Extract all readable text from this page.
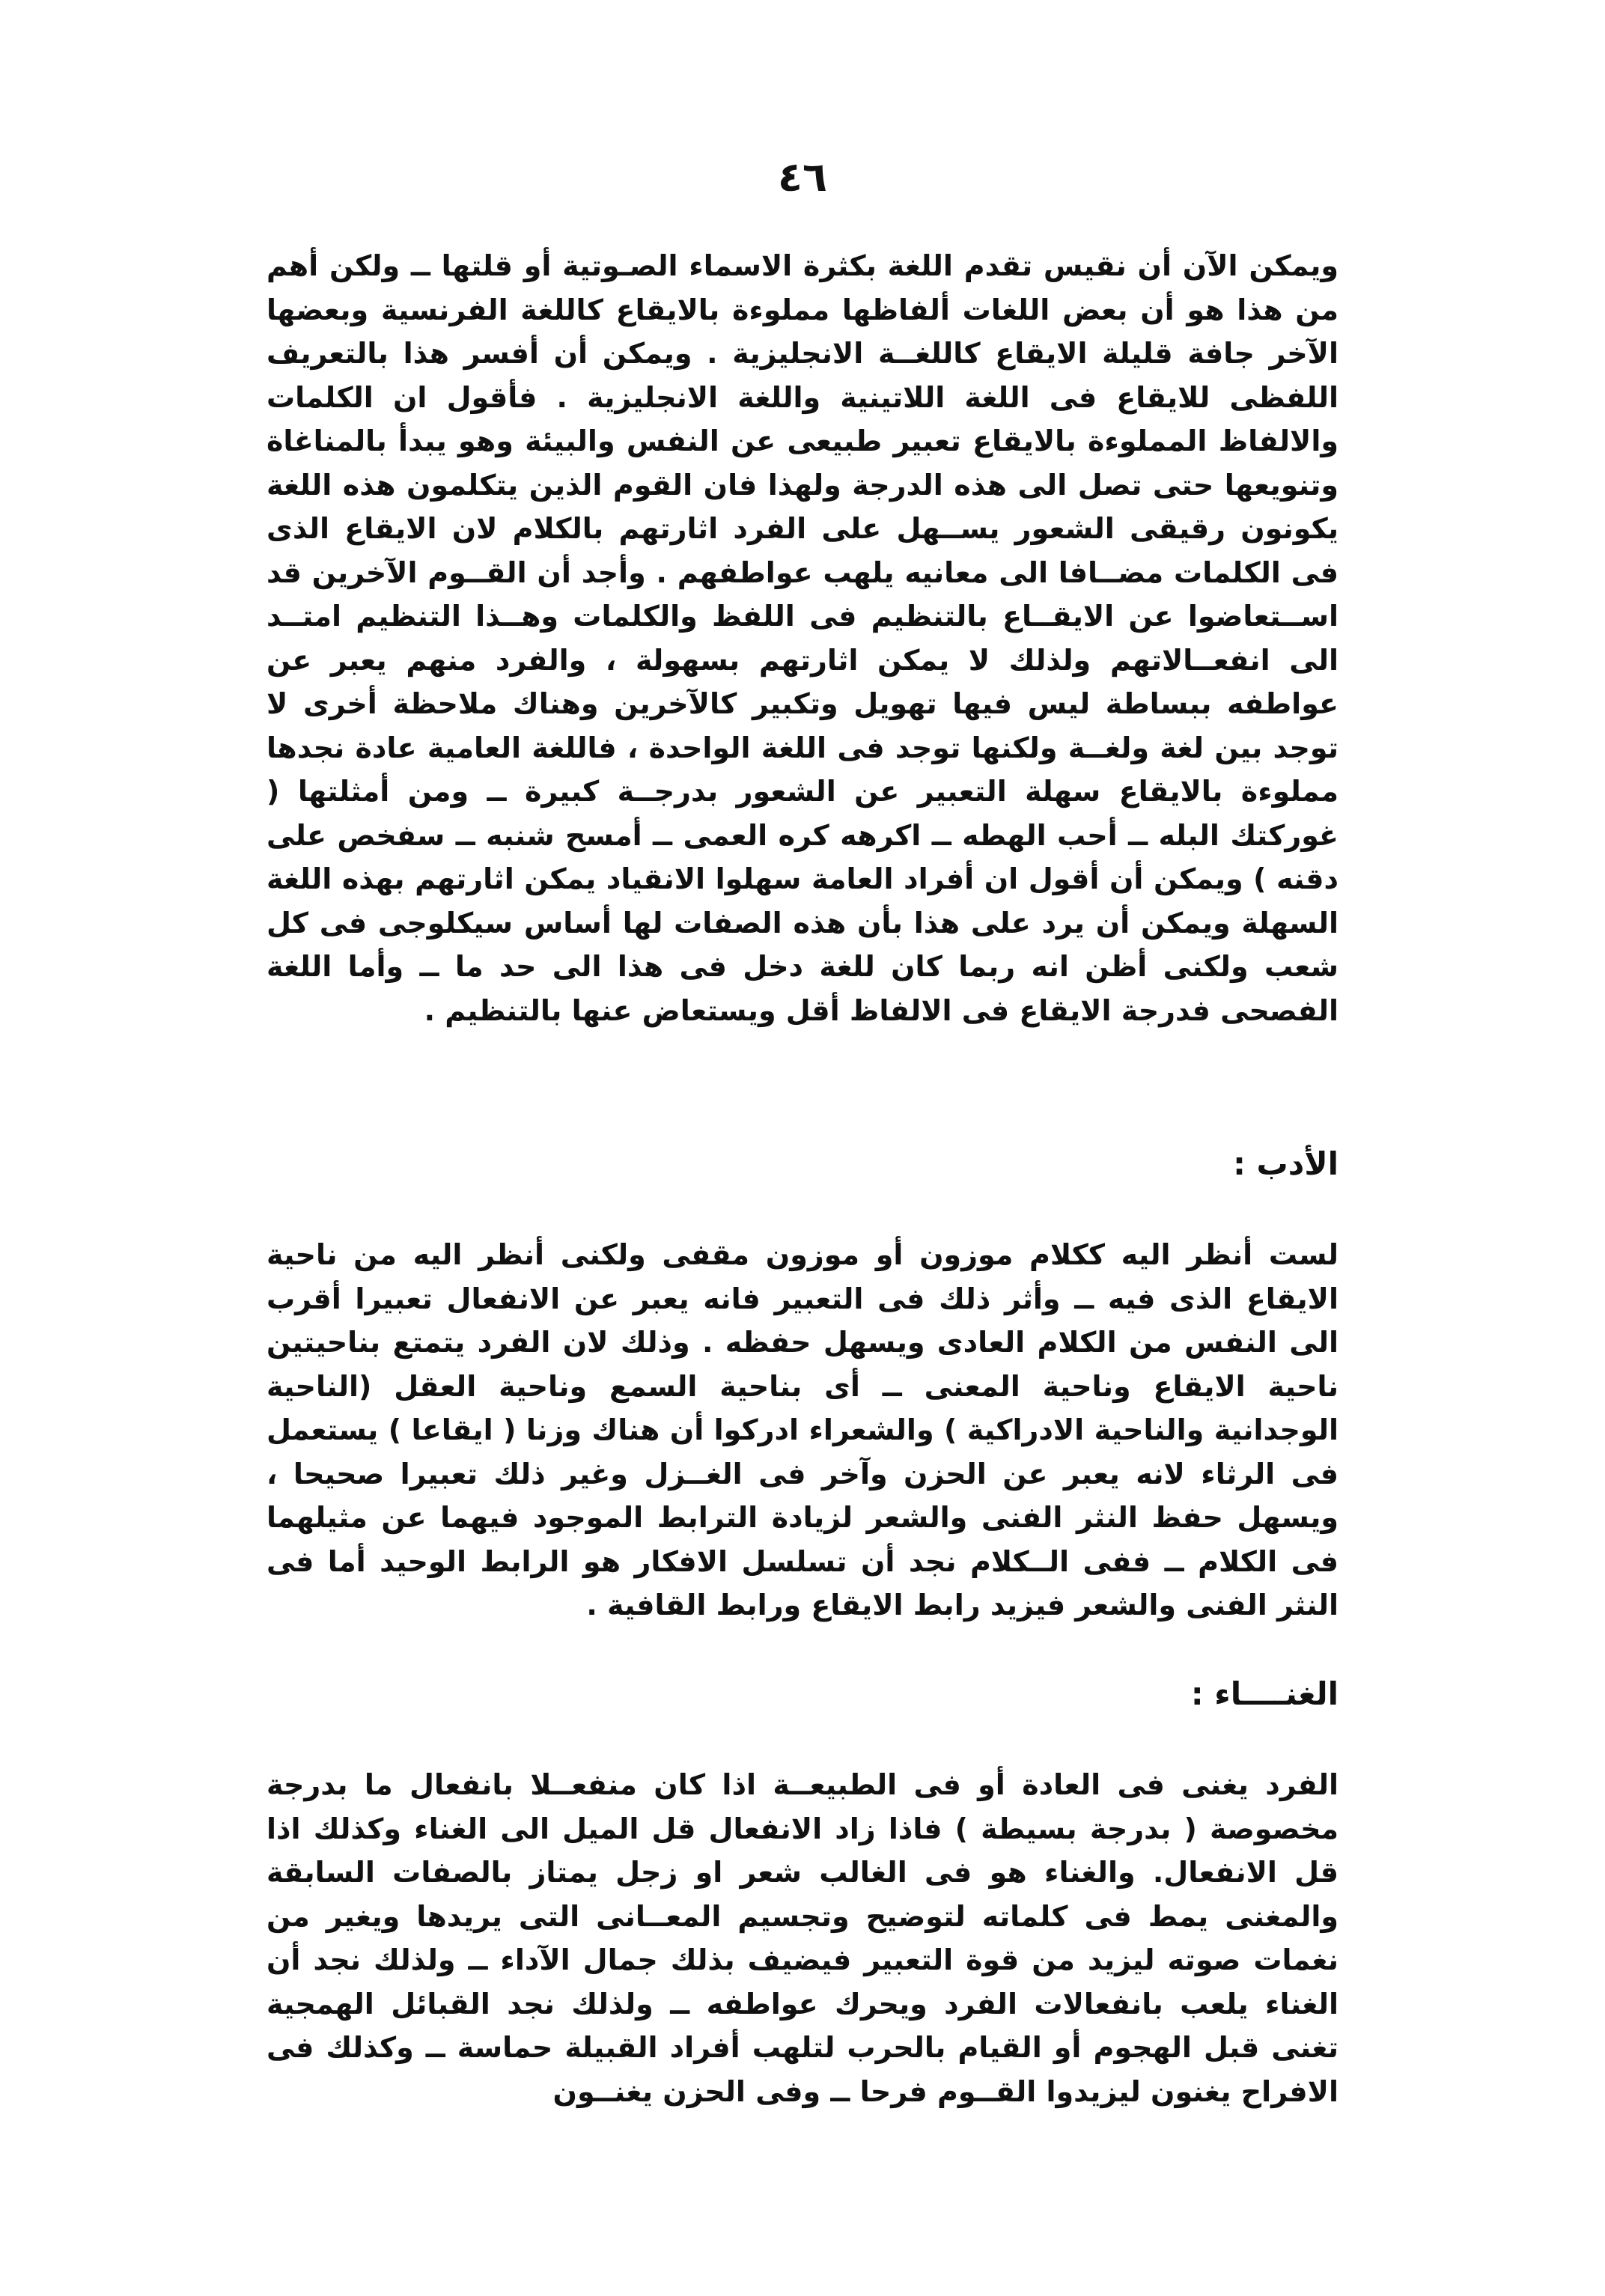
٤٦

ويمكن الآن أن نقيس تقدم اللغة بكثرة الاسماء الصـوتية أو قلتها ــ ولكن أهم من هذا هو أن بعض اللغات ألفاظها مملوءة بالايقاع كاللغة الفرنسية وبعضها الآخر جافة قليلة الايقاع كاللغــة الانجليزية . ويمكن أن أفسر هذا بالتعريف اللفظى للايقاع فى اللغة اللاتينية واللغة الانجليزية . فأقول ان الكلمات والالفاظ المملوءة بالايقاع تعبير طبيعى عن النفس والبيئة وهو يبدأ بالمناغاة وتنويعها حتى تصل الى هذه الدرجة ولهذا فان القوم الذين يتكلمون هذه اللغة يكونون رقيقى الشعور يســهل على الفرد اثارتهم بالكلام لان الايقاع الذى فى الكلمات مضــافا الى معانيه يلهب عواطفهم . وأجد أن القــوم الآخرين قد اســتعاضوا عن الايقــاع بالتنظيم فى اللفظ والكلمات وهــذا التنظيم امتــد الى انفعــالاتهم ولذلك لا يمكن اثارتهم بسهولة ، والفرد منهم يعبر عن عواطفه ببساطة ليس فيها تهويل وتكبير كالآخرين وهناك ملاحظة أخرى لا توجد بين لغة ولغــة ولكنها توجد فى اللغة الواحدة ، فاللغة العامية عادة نجدها مملوءة بالايقاع سهلة التعبير عن الشعور بدرجــة كبيرة ــ ومن أمثلتها ( غوركتك البله ــ أحب الهطه ــ اكرهه كره العمى ــ أمسح شنبه ــ سفخص على دقنه ) ويمكن أن أقول ان أفراد العامة سهلوا الانقياد يمكن اثارتهم بهذه اللغة السهلة ويمكن أن يرد على هذا بأن هذه الصفات لها أساس سيكلوجى فى كل شعب ولكنى أظن انه ربما كان للغة دخل فى هذا الى حد ما ــ وأما اللغة الفصحى فدرجة الايقاع فى الالفاظ أقل ويستعاض عنها بالتنظيم .

الأدب :

لست أنظر اليه ككلام موزون أو موزون مقفى ولكنى أنظر اليه من ناحية الايقاع الذى فيه ــ وأثر ذلك فى التعبير فانه يعبر عن الانفعال تعبيرا أقرب الى النفس من الكلام العادى ويسهل حفظه . وذلك لان الفرد يتمتع بناحيتين ناحية الايقاع وناحية المعنى ــ أى بناحية السمع وناحية العقل (الناحية الوجدانية والناحية الادراكية ) والشعراء ادركوا أن هناك وزنا ( ايقاعا ) يستعمل فى الرثاء لانه يعبر عن الحزن وآخر فى الغــزل وغير ذلك تعبيرا صحيحا ، ويسهل حفظ النثر الفنى والشعر لزيادة الترابط الموجود فيهما عن مثيلهما فى الكلام ــ ففى الــكلام نجد أن تسلسل الافكار هو الرابط الوحيد أما فى النثر الفنى والشعر فيزيد رابط الايقاع ورابط القافية .

الغنــــاء :

الفرد يغنى فى العادة أو فى الطبيعــة اذا كان منفعــلا بانفعال ما بدرجة مخصوصة ( بدرجة بسيطة ) فاذا زاد الانفعال قل الميل الى الغناء وكذلك اذا قل الانفعال. والغناء هو فى الغالب شعر او زجل يمتاز بالصفات السابقة والمغنى يمط فى كلماته لتوضيح وتجسيم المعــانى التى يريدها ويغير من نغمات صوته ليزيد من قوة التعبير فيضيف بذلك جمال الآداء ــ ولذلك نجد أن الغناء يلعب بانفعالات الفرد ويحرك عواطفه ــ ولذلك نجد القبائل الهمجية تغنى قبل الهجوم أو القيام بالحرب لتلهب أفراد القبيلة حماسة ــ وكذلك فى الافراح يغنون ليزيدوا القــوم فرحا ــ وفى الحزن يغنــون
